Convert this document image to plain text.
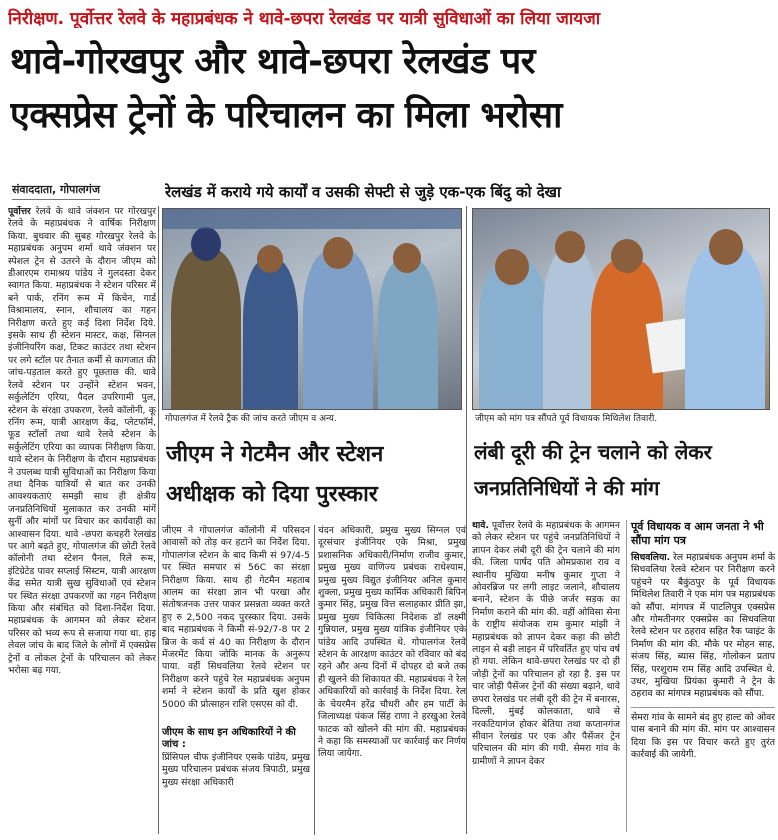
निरीक्षण. पूर्वोत्तर रेलवे के महाप्रबंधक ने थावे-छपरा रेलखंड पर यात्री सुविधाओं का लिया जायजा
थावे-गोरखपुर और थावे-छपरा रेलखंड पर
एक्सप्रेस ट्रेनों के परिचालन का मिला भरोसा
संवाददाता, गोपालगंज	रेलखंड में कराये गये कार्यों व उसकी सेफ्टी से जुड़े एक-एक बिंदु को देखा
पूर्वोत्तर रेलवे के थावे जंक्शन पर गोरखपुर रेलवे के महाप्रबंधक ने वार्षिक निरीक्षण किया. बुधवार की सुबह गोरखपुर रेलवे के महाप्रबंधक अनुपम शर्मा थावे जंक्शन पर स्पेशल ट्रेन से उतरने के दौरान जीएम को डीआरएम रामाश्रय पांडेय ने गुलदस्ता देकर स्वागत किया. महाप्रबंधक ने स्टेशन परिसर में बने पार्क, रनिंग रूम में किचेन, गार्ड विश्रामालय, स्नान, शौचालय का गहन निरीक्षण करते हुए कई दिशा निर्देश दिये. इसके साथ ही स्टेशन मास्टर, कक्ष, सिग्नल इंजीनियरिंग कक्ष, टिकट काउंटर तथा स्टेशन पर लगे स्टॉल पर तैनात कर्मी से कागजात की जांच-पड़ताल करते हुए पूछताछ की. थावे रेलवे स्टेशन पर उन्होंने स्टेशन भवन, सर्कुलेटिंग एरिया, पैदल उपरिगामी पुल, स्टेशन के संरक्षा उपकरण, रेलवे कॉलोनी, कू रनिंग रूम, यात्री आरक्षण केंद्र, प्लेटफॉर्म, फूड स्टॉलों तथा थावे रेलवे स्टेशन के सर्कुलेटिंग एरिया का व्यापक निरीक्षण किया. थावे स्टेशन के निरीक्षण के दौरान महाप्रबंधक ने उपलब्ध यात्री सुविधाओं का निरीक्षण किया तथा दैनिक यात्रियों से बात कर उनकी आवश्यकताएं समझी साथ ही क्षेत्रीय जनप्रतिनिधियों मुलाकात कर उनकी मांगें सुनीं और मांगों पर विचार कर कार्यवाही का आश्वासन दिया. थावे -छपरा कचहरी रेलखंड पर आगे बढ़ते हुए, गोपालगंज की छोटी रेलवे कॉलोनी तथा स्टेशन पैनल, रिले रूम, इंटिग्रेटेड पावर सप्लाई सिस्टम, यात्री आरक्षण केंद्र समेत यात्री सुख सुविधाओं एवं स्टेशन पर स्थित संरक्षा उपकरणों का गहन निरीक्षण किया और संबंधित को दिशा-निर्देश दिया. महाप्रबंधक के आगमन को लेकर स्टेशन परिसर को भव्य रूप से सजाया गया था. हाइ लेवल जांच के बाद जिले के लोगों में एक्सप्रेस ट्रेनों व लोकल ट्रेनों के परिचालन को लेकर भरोसा बढ़ गया.
गोपालगंज में रेलवे ट्रैक की जांच करते जीएम व अन्य.	जीएम को मांग पत्र सौंपते पूर्व विधायक मिथिलेश तिवारी.
जीएम ने गेटमैन और स्टेशन
अधीक्षक को दिया पुरस्कार
जीएम ने गोपालगंज कॉलोनी में परिसदन आवासों को तोड़ कर हटाने का निर्देश दिया. गोपालगंज स्टेशन के बाद किमी सं 97/4-5 पर स्थित समपार सं 56C का संरक्षा निरीक्षण किया. साथ ही गेटमैन महताब आलम का संरक्षा ज्ञान भी परखा और संतोषजनक उत्तर पाकर प्रसन्नता व्यक्त करते हुए रु 2,500 नकद पुरस्कार दिया. उसके बाद महाप्रबंधक ने किमी सं-92/7-8 पर 2 ब्रिज के कर्व सं 40 का निरीक्षण के दौरान मेंजरमेंट किया जोकि मानक के अनुरूप पाया. वहीं सिधवलिया रेलवे स्टेशन पर निरीक्षण करने पहुंचे रेल महाप्रबंधक अनुपम शर्मा ने स्टेशन कार्यों के प्रति खुश होकर 5000 की प्रोत्साहन राशि एसएस को दी.
जीएम के साथ इन अधिकारियों ने की जांच :
प्रिंसिपल चीफ इंजीनियर एसके पांडेय, प्रमुख मुख्य परिचालन प्रबंधक संजय त्रिपाठी, प्रमुख मुख्य संरक्षा अधिकारी
चंदन अधिकारी, प्रमुख मुख्य सिग्नल एवं दूरसंचार इंजीनियर एके मिश्रा, प्रमुख प्रशासनिक अधिकारी/निर्माण राजीव कुमार, प्रमुख मुख्य वाणिज्य प्रबंधक राधेश्याम, प्रमुख मुख्य विद्युत इंजीनियर अनिल कुमार शुक्ला, प्रमुख मुख्य कार्मिक अधिकारी बिपिन कुमार सिंह, प्रमुख वित्त सलाहकार प्रीति झा, प्रमुख मुख्य चिकित्सा निदेशक डॉ लक्ष्मी गुन्नियाल, प्रमुख मुख्य यांत्रिक इंजीनियर एके पांडेय आदि उपस्थित थे. गोपालगंज रेलवे स्टेशन के आरक्षण काउंटर को रविवार को बंद रहने और अन्य दिनों में दोपहर दो बजे तक ही खुलने की शिकायत की. महाप्रबंधक ने रेल अधिकारियों को कार्रवाई के निर्देश दिया. रेल के चेयरमैन हरेंद्र चौधरी और हम पार्टी के जिलाध्यक्ष पंकज सिंह राणा ने हरखुआ रेलवे फाटक को खोलने की मांग की. महाप्रबंधक ने कहा कि समस्याओं पर कार्रवाई कर निर्णय लिया जायेगा.
लंबी दूरी की ट्रेन चलाने को लेकर
जनप्रतिनिधियों ने की मांग
थावे. पूर्वोत्तर रेलवे के महाप्रबंधक के आगमन को लेकर स्टेशन पर पहुंचे जनप्रतिनिधियों ने ज्ञापन देकर लंबी दूरी की ट्रेन चलाने की मांग की. जिला पार्षद पति ओमप्रकाश राव व स्थानीय मुखिया मनीष कुमार गुप्ता ने ओवरब्रिज पर लगी लाइट जलाने, शौचालय बनाने, स्टेशन के पीछे जर्जर सड़क का निर्माण कराने की मांग की. वहीं ओविसा सेना के राष्ट्रीय संयोजक राम कुमार मांझी ने महाप्रबंधक को ज्ञापन देकर कहा की छोटी लाइन से बड़ी लाइन में परिवर्तित हुए पांच वर्ष हो गया. लेकिन थावे-छपरा रेलखंड पर दो ही जोड़ी ट्रेनों का परिचालन हो रहा है. इस पर चार जोड़ी पैसेंजर ट्रेनों की संख्या बढ़ाने, थावे छपरा रेलखंड पर लंबी दूरी की ट्रेन में बनारस, दिल्ली, मुंबई कोलकाता, थावे से नरकटियागंज होकर बेतिया तथा कप्तानगंज सीवान रेलखंड पर एक और पैसेंजर ट्रेन परिचालन की मांग की गयी. सेमरा गांव के ग्रामीणों ने ज्ञापन देकर
पूर्व विधायक व आम जनता ने भी सौंपा मांग पत्र
सिधवलिया. रेल महाप्रबंधक अनुपम शर्मा के सिधवलिया रेलवे स्टेशन पर निरीक्षण करने पहुंचने पर बैकुंठपुर के पूर्व विधायक मिथिलेश तिवारी ने एक मांग पत्र महाप्रबंधक को सौंपा. मांगपत्र में पाटलिपुत्र एक्सप्रेस और गोमतीनगर एक्सप्रेस का सिधवलिया रेलवे स्टेशन पर ठहराव सहित रैक प्वाइंट के निर्माण की मांग की. मौके पर मोहन साह, संजय सिंह, ब्यास सिंह, गोलोकन प्रताप सिंह, परशुराम राम सिंह आदि उपस्थित थे. उधर, मुखिया प्रियंका कुमारी ने ट्रेन के ठहराव का मांगपत्र महाप्रबंधक को सौंपा.
सेमरा गांव के सामने बंद हुए हाल्ट को ओवर पास बनाने की मांग की. मांग पर आश्वासन दिया कि इस पर विचार करते हुए तुरंत कार्रवाई की जायेगी.
